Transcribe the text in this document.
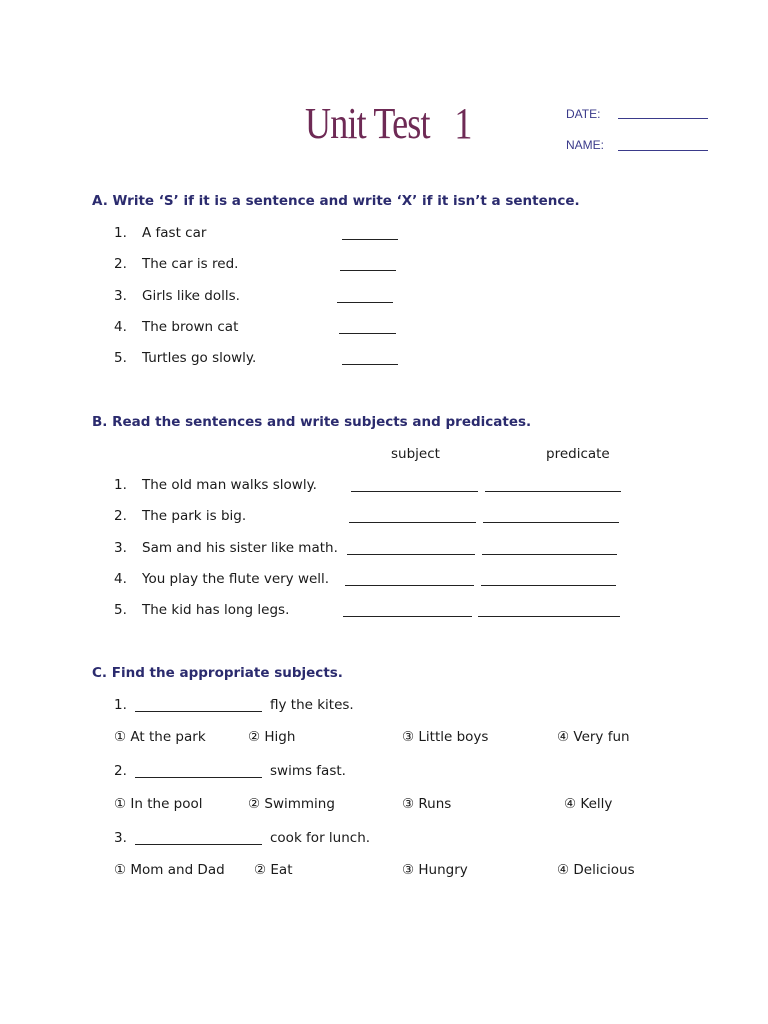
Unit Test 1	DATE:
NAME:
A. Write ‘S’ if it is a sentence and write ‘X’ if it isn’t a sentence.
1. A fast car
2. The car is red.
3. Girls like dolls.
4. The brown cat
5. Turtles go slowly.
B. Read the sentences and write subjects and predicates.
subject	predicate
1. The old man walks slowly.
2. The park is big.
3. Sam and his sister like math.
4. You play the flute very well.
5. The kid has long legs.
C. Find the appropriate subjects.
1.	fly the kites.
① At the park	② High	③ Little boys	④ Very fun
2.	swims fast.
① In the pool	② Swimming	③ Runs	④ Kelly
3.	cook for lunch.
① Mom and Dad ② Eat	③ Hungry	④ Delicious
